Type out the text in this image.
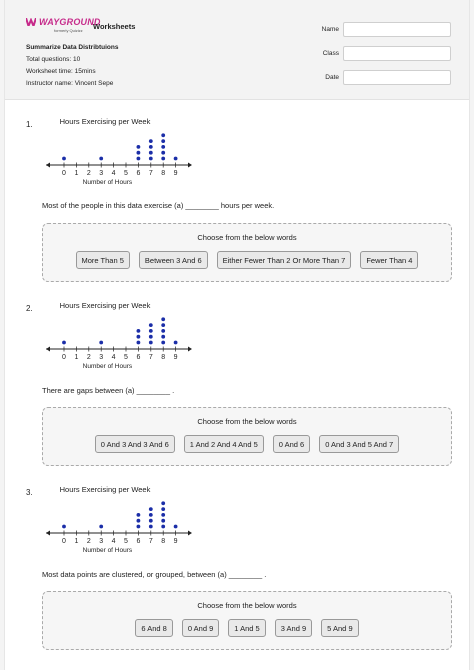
WAYGROUND
formerly Quizizz	Worksheets
Summarize Data Distribtuions
Total questions: 10
Worksheet time: 15mins
Instructor name: Vincent Sepe
Name
Class
Date
1.	Hours Exercising per Week
0 1 2 3 4 5 6 7 8 9
Number of Hours
Most of the people in this data exercise (a) ________ hours per week.
Choose from the below words
More Than 5	Between 3 And 6	Either Fewer Than 2 Or More Than 7	Fewer Than 4
2.	Hours Exercising per Week
0 1 2 3 4 5 6 7 8 9
Number of Hours
There are gaps between (a) ________ .
Choose from the below words
0 And 3 And 3 And 6	1 And 2 And 4 And 5	0 And 6	0 And 3 And 5 And 7
3.	Hours Exercising per Week
0 1 2 3 4 5 6 7 8 9
Number of Hours
Most data points are clustered, or grouped, between (a) ________ .
Choose from the below words
6 And 8	0 And 9	1 And 5	3 And 9	5 And 9
